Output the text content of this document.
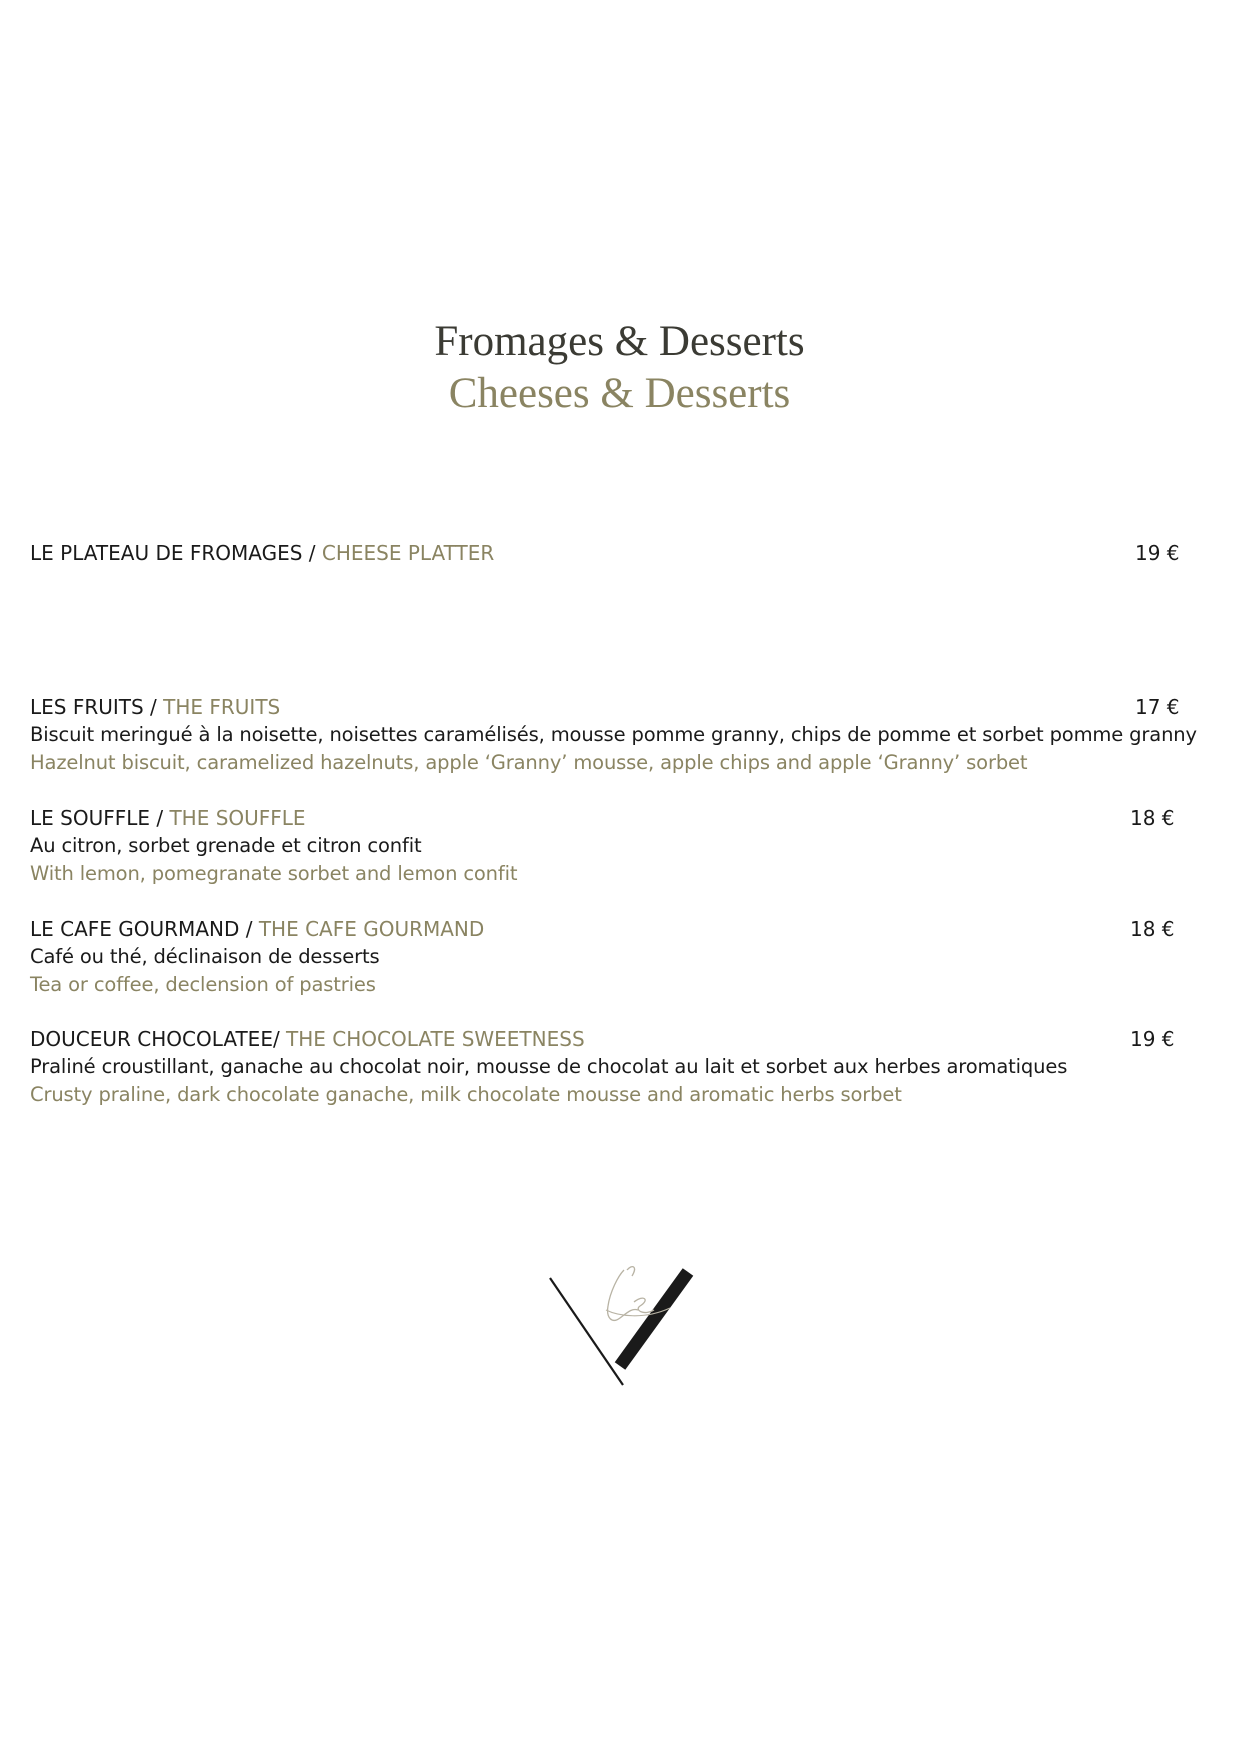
Fromages & Desserts
Cheeses & Desserts
LE PLATEAU DE FROMAGES / CHEESE PLATTER	19 €
LES FRUITS / THE FRUITS	17 €
Biscuit meringué à la noisette, noisettes caramélisés, mousse pomme granny, chips de pomme et sorbet pomme granny
Hazelnut biscuit, caramelized hazelnuts, apple ‘Granny’ mousse, apple chips and apple ‘Granny’ sorbet
LE SOUFFLE / THE SOUFFLE	18 €
Au citron, sorbet grenade et citron confit
With lemon, pomegranate sorbet and lemon confit
LE CAFE GOURMAND / THE CAFE GOURMAND	18 €
Café ou thé, déclinaison de desserts
Tea or coffee, declension of pastries
DOUCEUR CHOCOLATEE/ THE CHOCOLATE SWEETNESS	19 €
Praliné croustillant, ganache au chocolat noir, mousse de chocolat au lait et sorbet aux herbes aromatiques
Crusty praline, dark chocolate ganache, milk chocolate mousse and aromatic herbs sorbet
